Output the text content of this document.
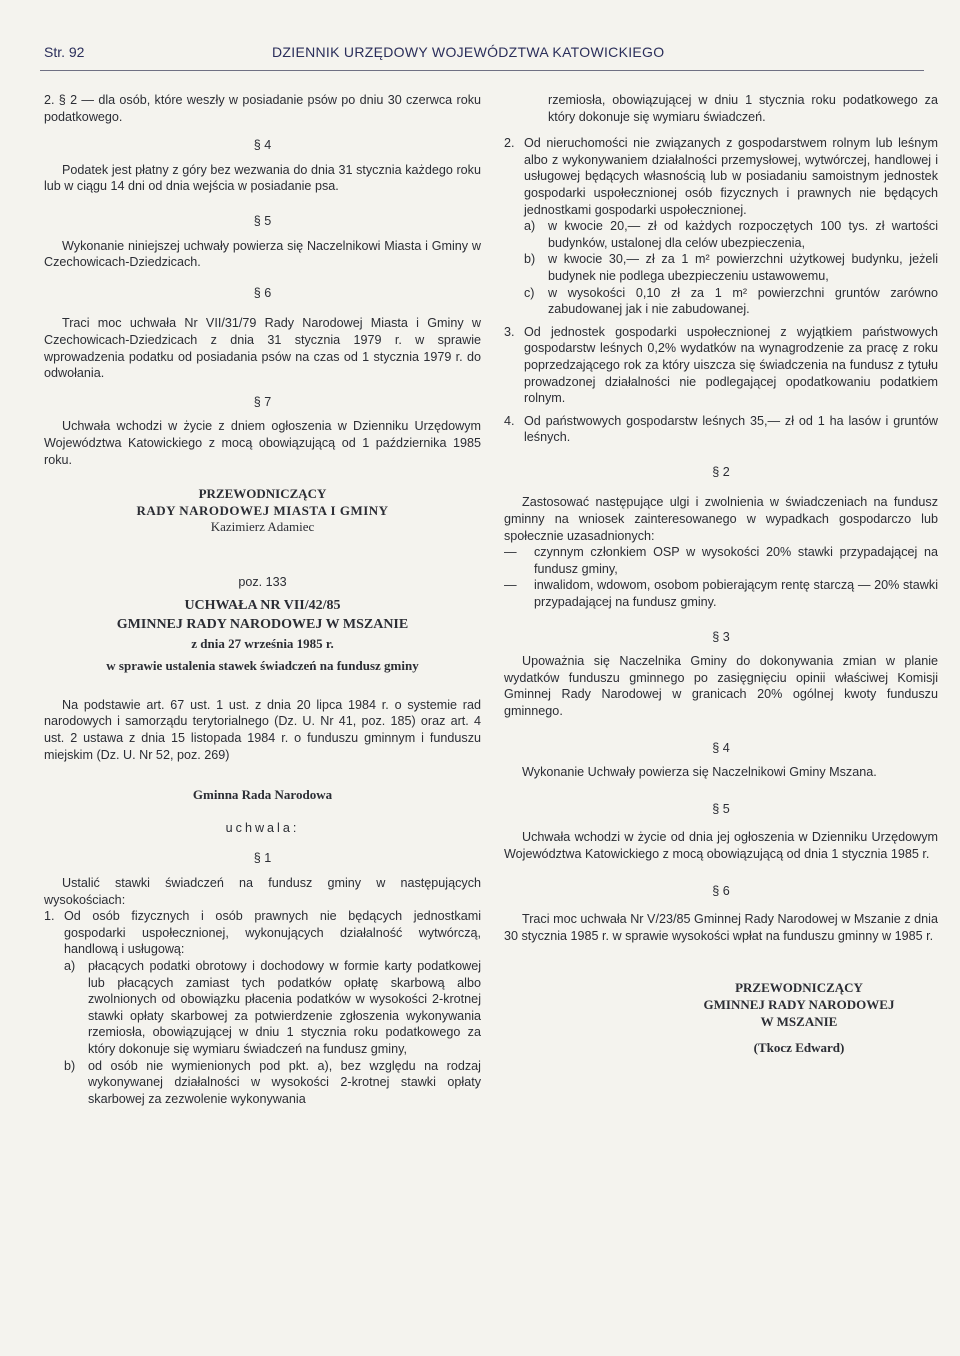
Str. 92	DZIENNIK URZĘDOWY WOJEWÓDZTWA KATOWICKIEGO

2. § 2 — dla osób, które weszły w posiadanie psów po dniu 30 czerwca roku podatkowego.

§ 4

Podatek jest płatny z góry bez wezwania do dnia 31 stycznia każdego roku lub w ciągu 14 dni od dnia wejścia w posiadanie psa.

§ 5

Wykonanie niniejszej uchwały powierza się Naczelnikowi Miasta i Gminy w Czechowicach-Dziedzicach.

§ 6

Traci moc uchwała Nr VII/31/79 Rady Narodowej Miasta i Gminy w Czechowicach-Dziedzicach z dnia 31 stycznia 1979 r. w sprawie wprowadzenia podatku od posiadania psów na czas od 1 stycznia 1979 r. do odwołania.

§ 7

Uchwała wchodzi w życie z dniem ogłoszenia w Dzienniku Urzędowym Województwa Katowickiego z mocą obowiązującą od 1 października 1985 roku.

PRZEWODNICZĄCY
RADY NARODOWEJ MIASTA I GMINY
Kazimierz Adamiec
poz. 133
UCHWAŁA NR VII/42/85
GMINNEJ RADY NARODOWEJ W MSZANIE
z dnia 27 września 1985 r.
w sprawie ustalenia stawek świadczeń na fundusz gminy

Na podstawie art. 67 ust. 1 ust. z dnia 20 lipca 1984 r. o systemie rad narodowych i samorządu terytorialnego (Dz. U. Nr 41, poz. 185) oraz art. 4 ust. 2 ustawa z dnia 15 listopada 1984 r. o funduszu gminnym i funduszu miejskim (Dz. U. Nr 52, poz. 269)

Gminna Rada Narodowa
uchwala:
§ 1

Ustalić stawki świadczeń na fundusz gminy w następujących wysokościach:

1. Od osób fizycznych i osób prawnych nie będących jednostkami gospodarki uspołecznionej, wykonujących działalność wytwórczą, handlową i usługową:
a)	płacących podatki obrotowy i dochodowy w formie karty podatkowej lub płacących zamiast tych podatków opłatę skarbową albo zwolnionych od obowiązku płacenia podatków w wysokości 2-krotnej stawki opłaty skarbowej za potwierdzenie zgłoszenia wykonywania rzemiosła, obowiązującej w dniu 1 stycznia roku podatkowego za który dokonuje się wymiaru świadczeń na fundusz gminy,
b)	od osób nie wymienionych pod pkt. a), bez względu na rodzaj wykonywanej działalności w wysokości 2-krotnej stawki opłaty skarbowej za zezwolenie wykonywania

rzemiosła, obowiązującej w dniu 1 stycznia roku podatkowego za który dokonuje się wymiaru świadczeń.

2. Od nieruchomości nie związanych z gospodarstwem rolnym lub leśnym albo z wykonywaniem działalności przemysłowej, wytwórczej, handlowej i usługowej będących własnością lub w posiadaniu samoistnym jednostek gospodarki uspołecznionej osób fizycznych i prawnych nie będących jednostkami gospodarki uspołecznionej.
a)	w kwocie 20,— zł od każdych rozpoczętych 100 tys. zł wartości budynków, ustalonej dla celów ubezpieczenia,
b)	w kwocie 30,— zł za 1 m² powierzchni użytkowej budynku, jeżeli budynek nie podlega ubezpieczeniu ustawowemu,
c)	w wysokości 0,10 zł za 1 m² powierzchni gruntów zarówno zabudowanej jak i nie zabudowanej.
3. Od jednostek gospodarki uspołecznionej z wyjątkiem państwowych gospodarstw leśnych 0,2% wydatków na wynagrodzenie za pracę z roku poprzedzającego rok za który uiszcza się świadczenia na fundusz z tytułu prowadzonej działalności nie podlegającej opodatkowaniu podatkiem rolnym.
4. Od państwowych gospodarstw leśnych 35,— zł od 1 ha lasów i gruntów leśnych.
§ 2

Zastosować następujące ulgi i zwolnienia w świadczeniach na fundusz gminny na wniosek zainteresowanego w wypadkach gospodarczo lub społecznie uzasadnionych:

—	czynnym członkiem OSP w wysokości 20% stawki przypadającej na fundusz gminy,
—	inwalidom, wdowom, osobom pobierającym rentę starczą — 20% stawki przypadającej na fundusz gminy.
§ 3

Upoważnia się Naczelnika Gminy do dokonywania zmian w planie wydatków funduszu gminnego po zasięgnięciu opinii właściwej Komisji Gminnej Rady Narodowej w granicach 20% ogólnej kwoty funduszu gminnego.

§ 4

Wykonanie Uchwały powierza się Naczelnikowi Gminy Mszana.

§ 5

Uchwała wchodzi w życie od dnia jej ogłoszenia w Dzienniku Urzędowym Województwa Katowickiego z mocą obowiązującą od dnia 1 stycznia 1985 r.

§ 6

Traci moc uchwała Nr V/23/85 Gminnej Rady Narodowej w Mszanie z dnia 30 stycznia 1985 r. w sprawie wysokości wpłat na funduszu gminny w 1985 r.

PRZEWODNICZĄCY
GMINNEJ RADY NARODOWEJ
W MSZANIE
(Tkocz Edward)
